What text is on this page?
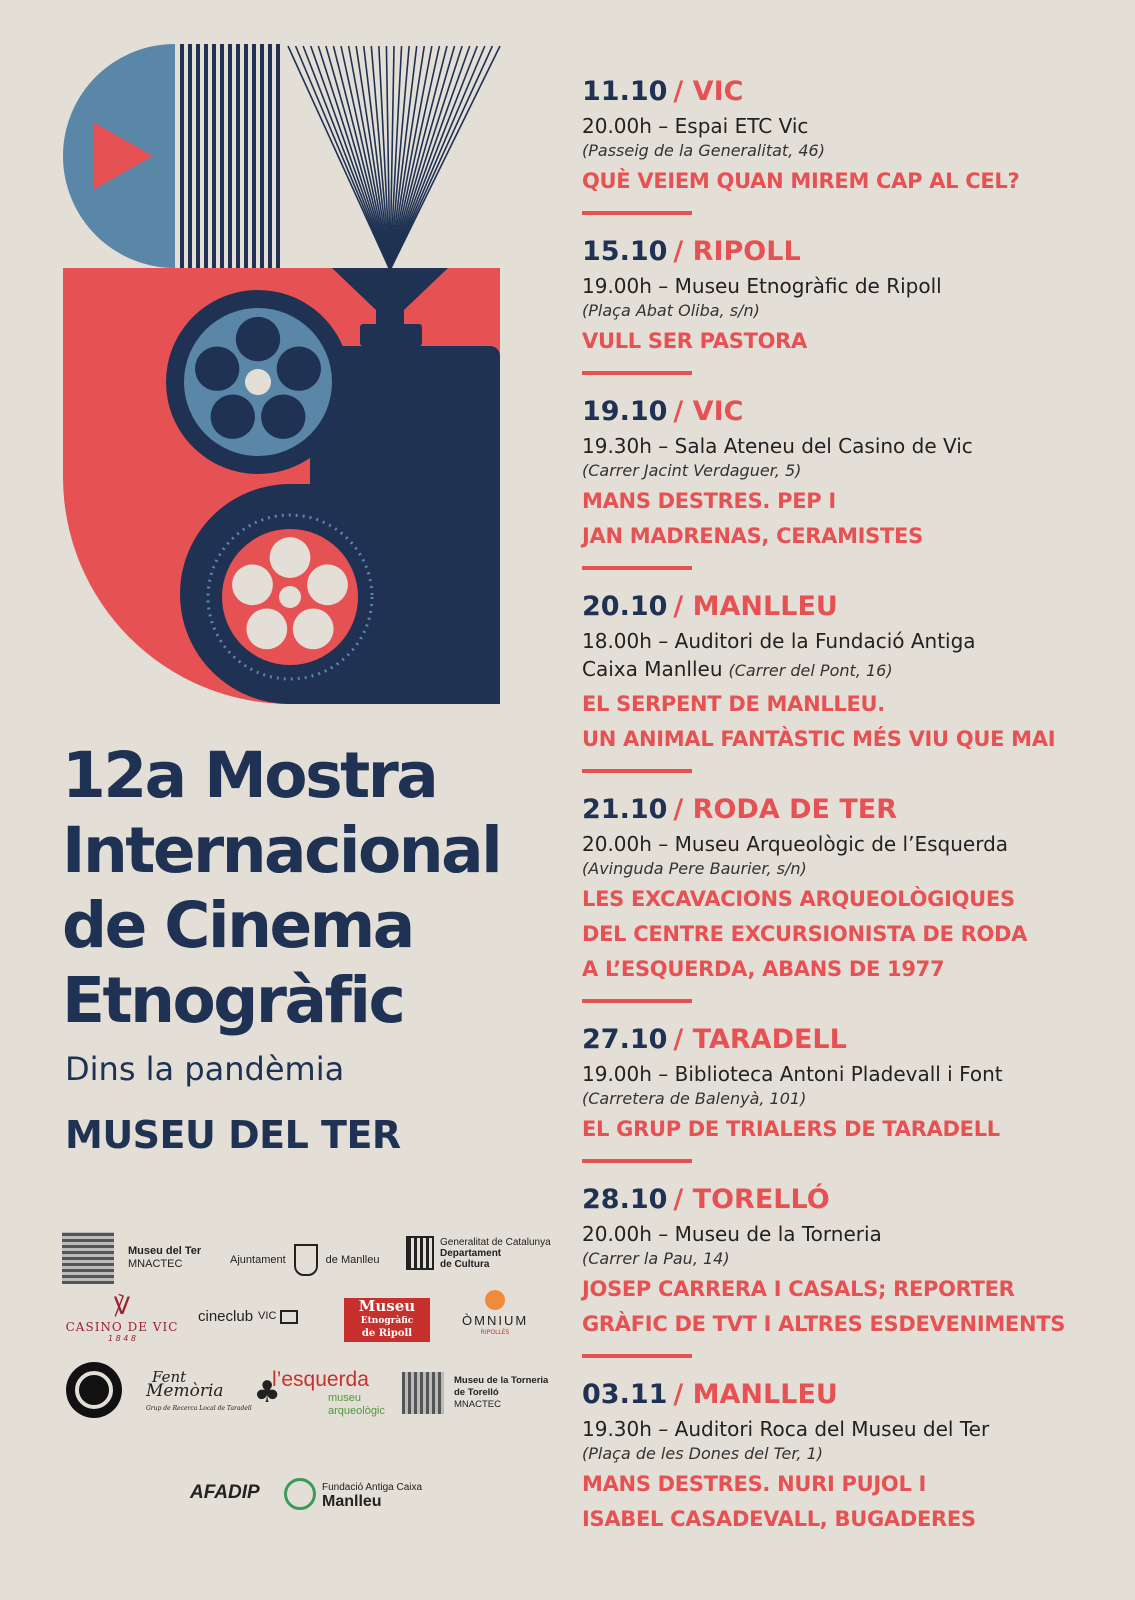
12a Mostra
Internacional
de Cinema
Etnogràfic
Dins la pandèmia
MUSEU DEL TER
11.10 / VIC
20.00h – Espai ETC Vic
(Passeig de la Generalitat, 46)
QUÈ VEIEM QUAN MIREM CAP AL CEL?
15.10 / RIPOLL
19.00h – Museu Etnogràfic de Ripoll
(Plaça Abat Oliba, s/n)
VULL SER PASTORA
19.10 / VIC
19.30h – Sala Ateneu del Casino de Vic
(Carrer Jacint Verdaguer, 5)
MANS DESTRES. PEP I
JAN MADRENAS, CERAMISTES
20.10 / MANLLEU
18.00h – Auditori de la Fundació Antiga
Caixa Manlleu (Carrer del Pont, 16)
EL SERPENT DE MANLLEU.
UN ANIMAL FANTÀSTIC MÉS VIU QUE MAI
21.10 / RODA DE TER
20.00h – Museu Arqueològic de l’Esquerda
(Avinguda Pere Baurier, s/n)
LES EXCAVACIONS ARQUEOLÒGIQUES
DEL CENTRE EXCURSIONISTA DE RODA
A L’ESQUERDA, ABANS DE 1977
27.10 / TARADELL
19.00h – Biblioteca Antoni Pladevall i Font
(Carretera de Balenyà, 101)
EL GRUP DE TRIALERS DE TARADELL
28.10 / TORELLÓ
20.00h – Museu de la Torneria
(Carrer la Pau, 14)
JOSEP CARRERA I CASALS; REPORTER
GRÀFIC DE TVT I ALTRES ESDEVENIMENTS
03.11 / MANLLEU
19.30h – Auditori Roca del Museu del Ter
(Plaça de les Dones del Ter, 1)
MANS DESTRES. NURI PUJOL I
ISABEL CASADEVALL, BUGADERES
Museu del Ter
MNACTEC	Ajuntament	de Manlleu
Generalitat de Catalunya
Departament
de Cultura
℣
CASINO DE VIC
1 8 4 8
cineclub VIC
Museu
Etnogràfic
de Ripoll
ÒMNIUM
RIPOLLÈS
Fent
Memòria
Grup de Recerca Local de Taradell ♣
l’esquerda
museu
arqueològic
Museu de la Torneria
de Torelló
MNACTEC
AFADIP	Fundació Antiga Caixa
Manlleu
